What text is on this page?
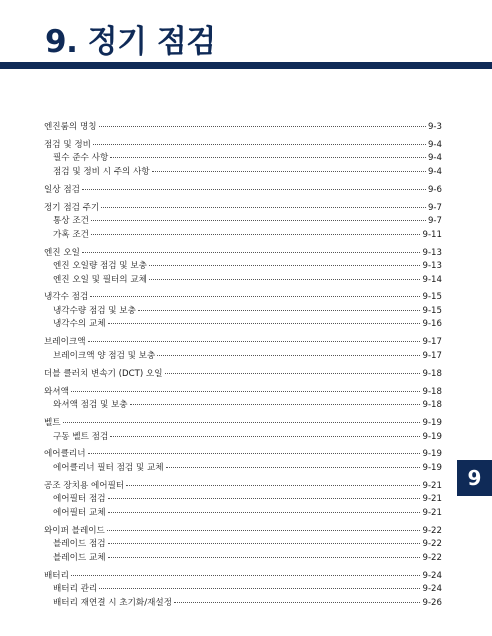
9. 정기 점검
엔진룸의 명칭	9-3
점검 및 정비	9-4
필수 준수 사항	9-4
점검 및 정비 시 주의 사항	9-4
일상 점검	9-6
정기 점검 주기	9-7
통상 조건	9-7
가혹 조건	9-11
엔진 오일	9-13
엔진 오일량 점검 및 보충	9-13
엔진 오일 및 필터의 교체	9-14
냉각수 점검	9-15
냉각수량 점검 및 보충	9-15
냉각수의 교체	9-16
브레이크액	9-17
브레이크액 양 점검 및 보충	9-17
더블 클러치 변속기 (DCT) 오일	9-18
와셔액	9-18
와셔액 점검 및 보충	9-18
벨트	9-19
구동 벨트 점검	9-19
에어클리너	9-19
에어클리너 필터 점검 및 교체	9-19
공조 장치용 에어필터	9-21
에어필터 점검	9-21
에어필터 교체	9-21
와이퍼 블레이드	9-22
블레이드 점검	9-22
블레이드 교체	9-22
배터리	9-24
배터리 관리	9-24
배터리 재연결 시 초기화/재설정	9-26
9
